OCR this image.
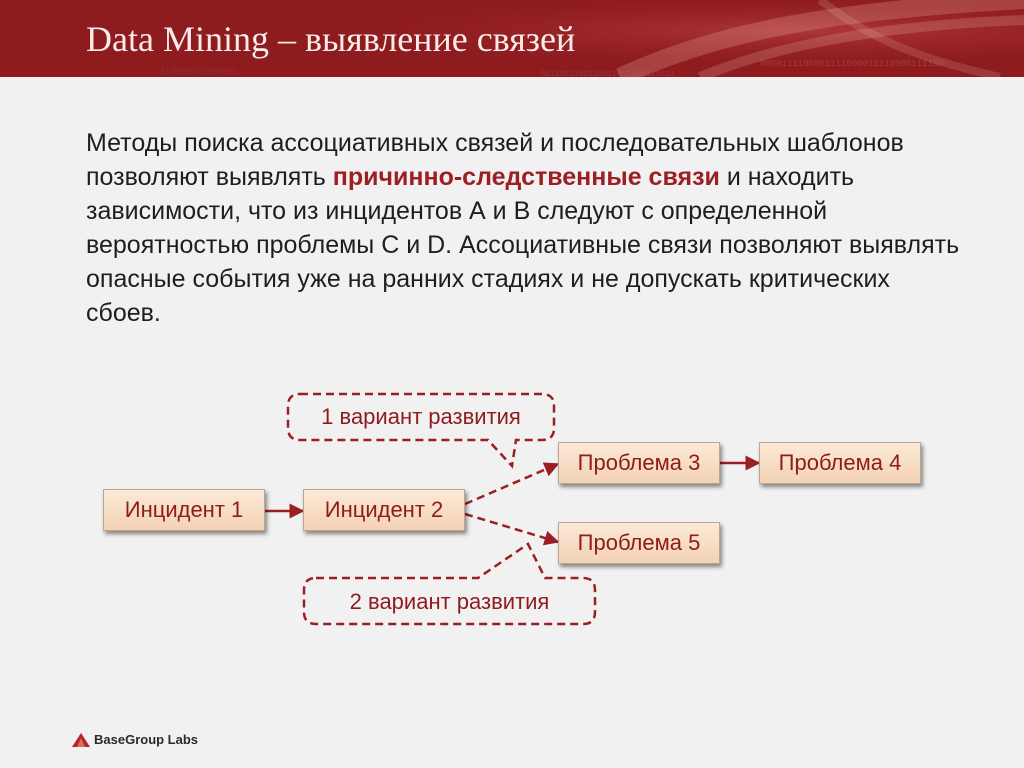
0000111100001111000011110000111100
0011001100110011001100110011
0100000010000001
Data Mining – выявление связей
Методы поиска ассоциативных связей и последовательных шаблонов позволяют выявлять причинно-следственные связи и находить зависимости, что из инцидентов А и В следуют с определенной вероятностью проблемы С и D. Ассоциативные связи позволяют выявлять опасные события уже на ранних стадиях и не допускать критических сбоев.
1 вариант развития
2 вариант развития
Инцидент 1	Инцидент 2
Проблема 3	Проблема 4
Проблема 5
BaseGroup Labs
